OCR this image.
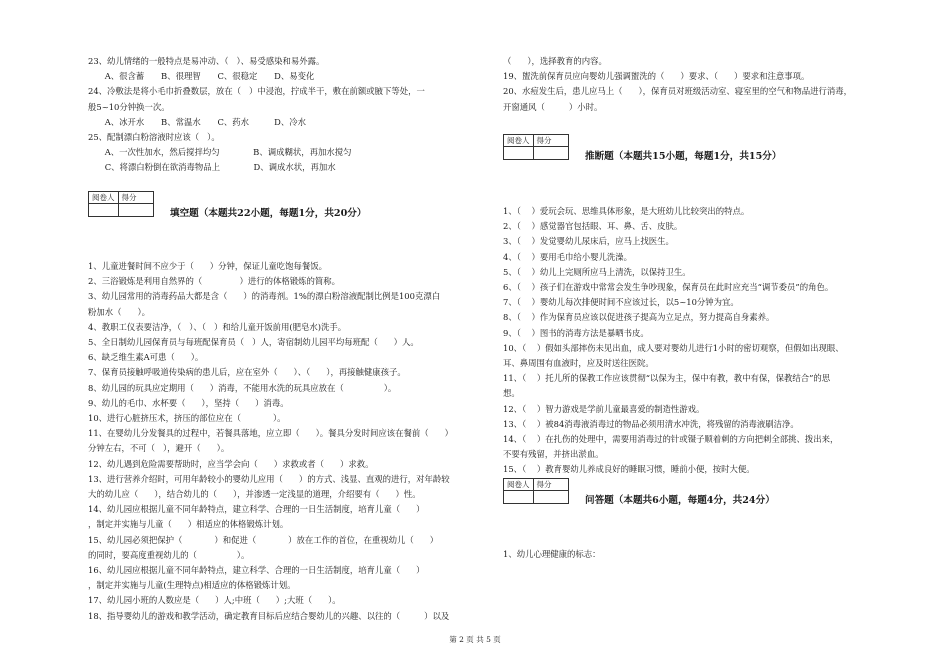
阅卷人	得分

填空题（本题共22小题，每题1分，共20分）
阅卷人	得分

推断题（本题共15小题，每题1分，共15分）
阅卷人	得分

问答题（本题共6小题，每题4分，共24分）
第 2 页 共 5 页
23、幼儿情绪的一般特点是易冲动、（   ）、易受感染和易外露。
　　A、很含蓄　　B、很理智　　C、很稳定　　D、易变化
24、冷敷法是将小毛巾折叠数层，放在（   ）中浸泡，拧成半干，敷在前额或腋下等处，一
般5~10分钟换一次。
　　A、冰开水　　B、常温水　　C、药水　　　D、冷水
25、配制漂白粉溶液时应该（   ）。
　　A、一次性加水，然后搅拌均匀　　　　B、调成糊状，再加水搅匀
　　C、将漂白粉倒在欲消毒物品上　　　　D、调成水状，再加水
1、儿童进餐时间不应少于（      ）分钟，保证儿童吃饱每餐饭。
2、三浴锻炼是利用自然界的（              ）进行的体格锻炼的简称。
3、幼儿园常用的消毒药品大都是含（      ）的消毒剂。1%的漂白粉溶液配制比例是100克漂白
粉加水（      ）。
4、教职工仪表要洁净，（   ）、（   ）和给儿童开饭前用(肥皂水)洗手。
5、全日制幼儿园保育员与每班配保育员（   ）人，寄宿制幼儿园平均每班配（      ）人。
6、缺乏维生素A可患（      ）。
7、保育员接触呼吸道传染病的患儿后，应在室外（      ）、（      ），再接触健康孩子。
8、幼儿园的玩具应定期用（      ）消毒，不能用水洗的玩具应放在（               ）。
9、幼儿的毛巾、水杯要（      ），坚持（      ）消毒。
10、进行心脏挤压术，挤压的部位应在（            ）。
11、在婴幼儿分发餐具的过程中，若餐具落地，应立即（      ）。餐具分发时间应该在餐前（      ）
分钟左右，不可（   ），避开（      ）。
12、幼儿遇到危险需要帮助时，应当学会向（      ）求救或者（      ）求救。
13、进行营养介绍时，可用年龄较小的婴幼儿应用（      ）的方式、浅显、直观的进行，对年龄较
大的幼儿应（      ），结合幼儿的（      ），并渗透一定浅显的道理，介绍要有（      ）性。
14、幼儿园应根据儿童不同年龄特点，建立科学、合理的一日生活制度，培育儿童（      ）
，制定并实施与儿童（      ）相适应的体格锻炼计划。
15、幼儿园必须把保护（            ）和促进（            ）放在工作的首位，在重视幼儿（      ）
的同时，要高度重视幼儿的（               ）。
16、幼儿园应根据儿童不同年龄特点，建立科学、合理的一日生活制度，培育儿童（      ）
，制定并实施与儿童(生理特点)相适应的体格锻炼计划。
17、幼儿园小班的人数应是（      ）人;中班（      ）;大班（      ）。
18、指导婴幼儿的游戏和教学活动，确定教育目标后应结合婴幼儿的兴趣、以往的（         ）以及
（      ），选择教育的内容。
19、盥洗前保育员应向婴幼儿强调盥洗的（      ）要求、（      ）要求和注意事项。
20、水痘发生后，患儿应马上（      ），保育员对班级活动室、寝室里的空气和物品进行消毒，
开窗通风（         ）小时。
1、（    ）爱玩会玩、思维具体形象，是大班幼儿比较突出的特点。
2、（    ）感觉器官包括眼、耳、鼻、舌、皮肤。
3、（    ）发觉婴幼儿尿床后，应马上找医生。
4、（    ）要用毛巾给小婴儿洗澡。
5、（    ）幼儿上完厕所应马上清洗，以保持卫生。
6、（    ）孩子们在游戏中常常会发生争吵现象，保育员在此时应充当“调节委员”的角色。
7、（    ）婴幼儿每次排便时间不应该过长，以5~10分钟为宜。
8、（    ）作为保育员应该以促进孩子提高为立足点，努力提高自身素养。
9、（    ）图书的消毒方法是暴晒书皮。
10、（    ）假如头部摔伤未见出血，成人要对婴幼儿进行1小时的密切观察，但假如出现眼、
耳、鼻周围有血液时，应及时送往医院。
11、（    ）托儿所的保教工作应该贯彻“以保为主，保中有教，教中有保，保教结合”的思
想。
12、（    ）智力游戏是学前儿童最喜爱的制造性游戏。
13、（    ）被84消毒液消毒过的物品必须用清水冲洗，将残留的消毒液刷洁净。
14、（    ）在扎伤的处理中，需要用消毒过的针或镊子顺着刺的方向把刺全部挑、拨出来，
不要有残留，并挤出淤血。
15、（    ）教育婴幼儿养成良好的睡眠习惯，睡前小便，按时大便。
1、幼儿心理健康的标志：
